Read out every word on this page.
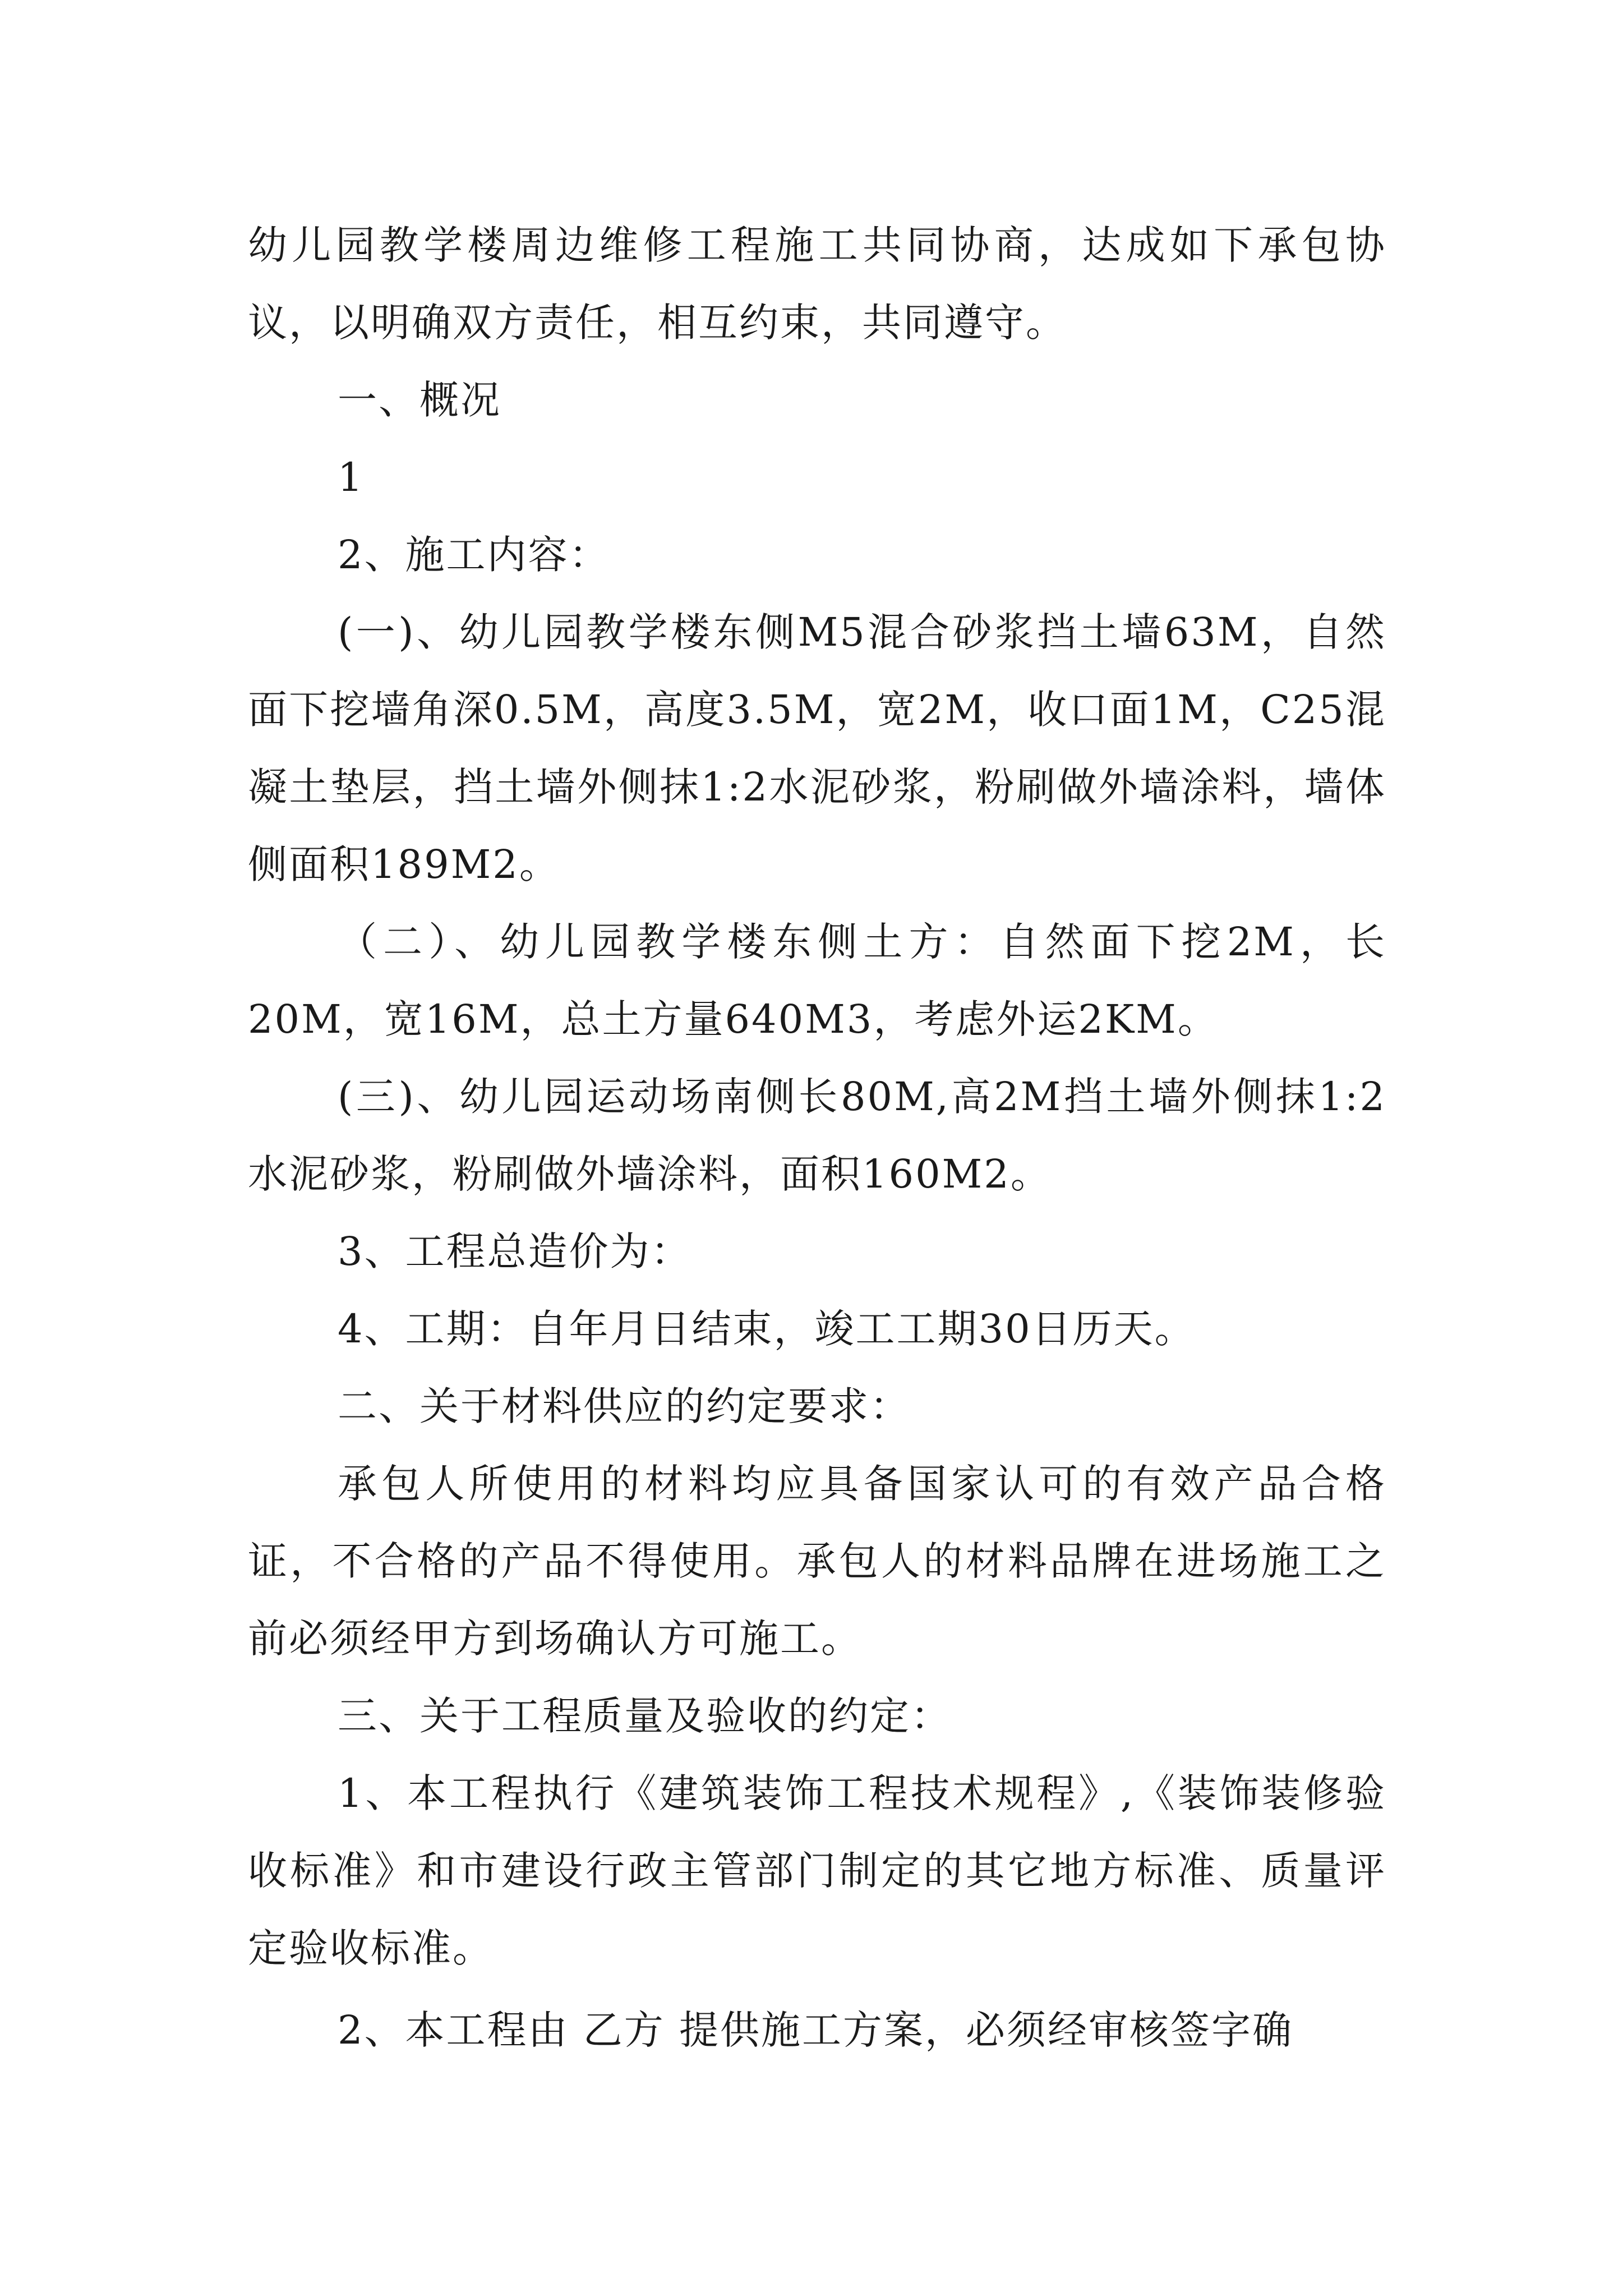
幼儿园教学楼周边维修工程施工共同协商，达成如下承包协议，以明确双方责任，相互约束，共同遵守。

一、概况

1

2、施工内容：

(一)、幼儿园教学楼东侧M5混合砂浆挡土墙63M，自然面下挖墙角深0.5M，高度3.5M，宽2M，收口面1M，C25混凝土垫层，挡土墙外侧抹1:2水泥砂浆，粉刷做外墙涂料，墙体侧面积189M2。

（二）、幼儿园教学楼东侧土方：自然面下挖2M，长20M，宽16M，总土方量640M3，考虑外运2KM。

(三)、幼儿园运动场南侧长80M,高2M挡土墙外侧抹1:2水泥砂浆，粉刷做外墙涂料，面积160M2。

3、工程总造价为：

4、工期：自年月日结束，竣工工期30日历天。

二、关于材料供应的约定要求：

承包人所使用的材料均应具备国家认可的有效产品合格证，不合格的产品不得使用。承包人的材料品牌在进场施工之前必须经甲方到场确认方可施工。

三、关于工程质量及验收的约定：

1、本工程执行《建筑装饰工程技术规程》,《装饰装修验收标准》和市建设行政主管部门制定的其它地方标准、质量评定验收标准。

2、本工程由 乙方 提供施工方案，必须经审核签字确
